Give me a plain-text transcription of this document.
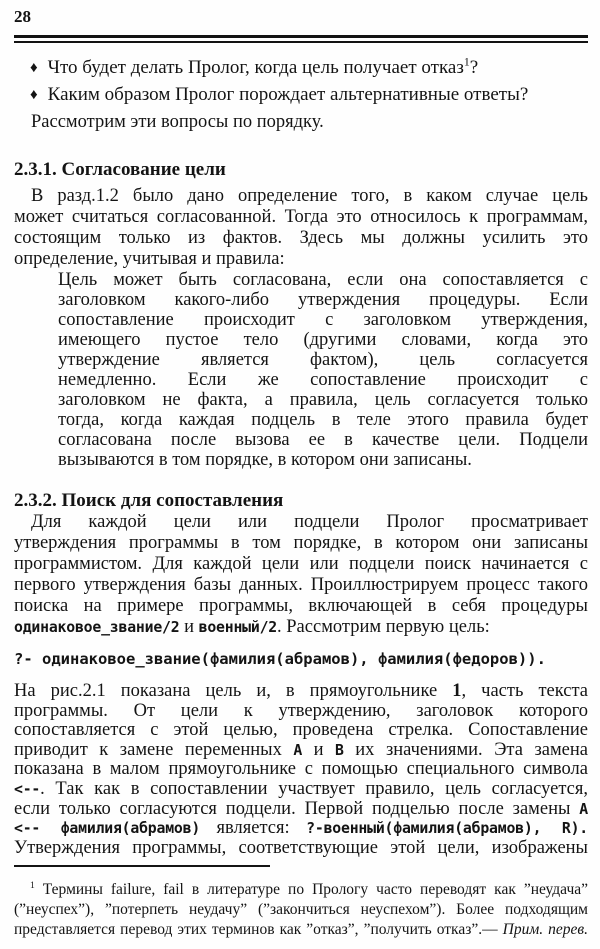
28
♦ Что будет делать Пролог, когда цель получает отказ$^1$?
♦ Каким образом Пролог порождает альтернативные ответы?
Рассмотрим эти вопросы по порядку.
2.3.1. Согласование цели
В разд.1.2 было дано определение того, в каком случае цель
может считаться согласованной. Тогда это относилось к программам,
состоящим только из фактов. Здесь мы должны усилить это
определение, учитывая и правила:
Цель может быть согласована, если она сопоставляется с
заголовком какого-либо утверждения процедуры. Если
сопоставление происходит с заголовком утверждения,
имеющего пустое тело (другими словами, когда это
утверждение является фактом), цель согласуется
немедленно. Если же сопоставление происходит с
заголовком не факта, а правила, цель согласуется только
тогда, когда каждая подцель в теле этого правила будет
согласована после вызова ее в качестве цели. Подцели
вызываются в том порядке, в котором они записаны.
2.3.2. Поиск для сопоставления
Для каждой цели или подцели Пролог просматривает
утверждения программы в том порядке, в котором они записаны
программистом. Для каждой цели или подцели поиск начинается с
первого утверждения базы данных. Проиллюстрируем процесс такого
поиска на примере программы, включающей в себя процедуры
одинаковое_звание/2 и военный/2. Рассмотрим первую цель:
?- одинаковое_звание(фамилия(абрамов), фамилия(федоров)).
На рис.2.1 показана цель и, в прямоугольнике 1, часть текста
программы. От цели к утверждению, заголовок которого
сопоставляется с этой целью, проведена стрелка. Сопоставление
приводит к замене переменных A и B их значениями. Эта замена
показана в малом прямоугольнике с помощью специального символа
<--. Так как в сопоставлении участвует правило, цель согласуется,
если только согласуются подцели. Первой подцелью после замены A
<-- фамилия(абрамов) является: ?-военный(фамилия(абрамов), R).
Утверждения программы, соответствующие этой цели, изображены
$^1$ Термины failure, fail в литературе по Прологу часто переводят как ”неудача”
(”неуспех”), ”потерпеть неудачу” (”закончиться неуспехом”). Более подходящим
представляется перевод этих терминов как ”отказ”, ”получить отказ”.— Прим. перев.
